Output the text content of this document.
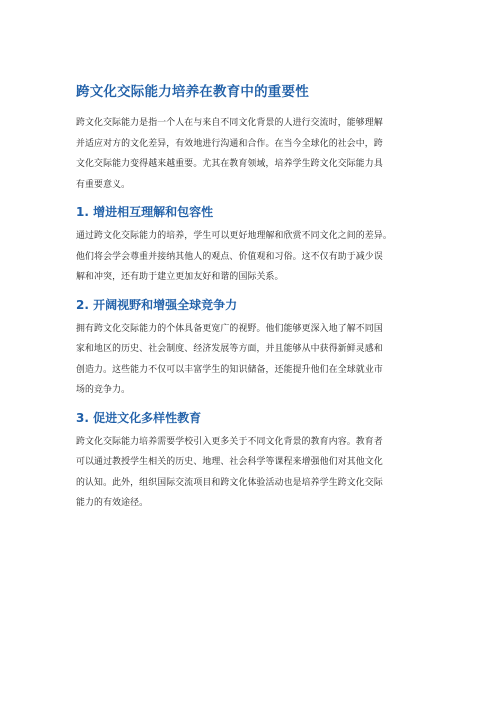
跨文化交际能力培养在教育中的重要性

跨文化交际能力是指一个人在与来自不同文化背景的人进行交流时，能够理解
并适应对方的文化差异，有效地进行沟通和合作。在当今全球化的社会中，跨
文化交际能力变得越来越重要。尤其在教育领域，培养学生跨文化交际能力具
有重要意义。

1. 增进相互理解和包容性

通过跨文化交际能力的培养，学生可以更好地理解和欣赏不同文化之间的差异。
他们将会学会尊重并接纳其他人的观点、价值观和习俗。这不仅有助于减少误
解和冲突，还有助于建立更加友好和谐的国际关系。

2. 开阔视野和增强全球竞争力

拥有跨文化交际能力的个体具备更宽广的视野。他们能够更深入地了解不同国
家和地区的历史、社会制度、经济发展等方面，并且能够从中获得新鲜灵感和
创造力。这些能力不仅可以丰富学生的知识储备，还能提升他们在全球就业市
场的竞争力。

3. 促进文化多样性教育

跨文化交际能力培养需要学校引入更多关于不同文化背景的教育内容。教育者
可以通过教授学生相关的历史、地理、社会科学等课程来增强他们对其他文化
的认知。此外，组织国际交流项目和跨文化体验活动也是培养学生跨文化交际
能力的有效途径。
